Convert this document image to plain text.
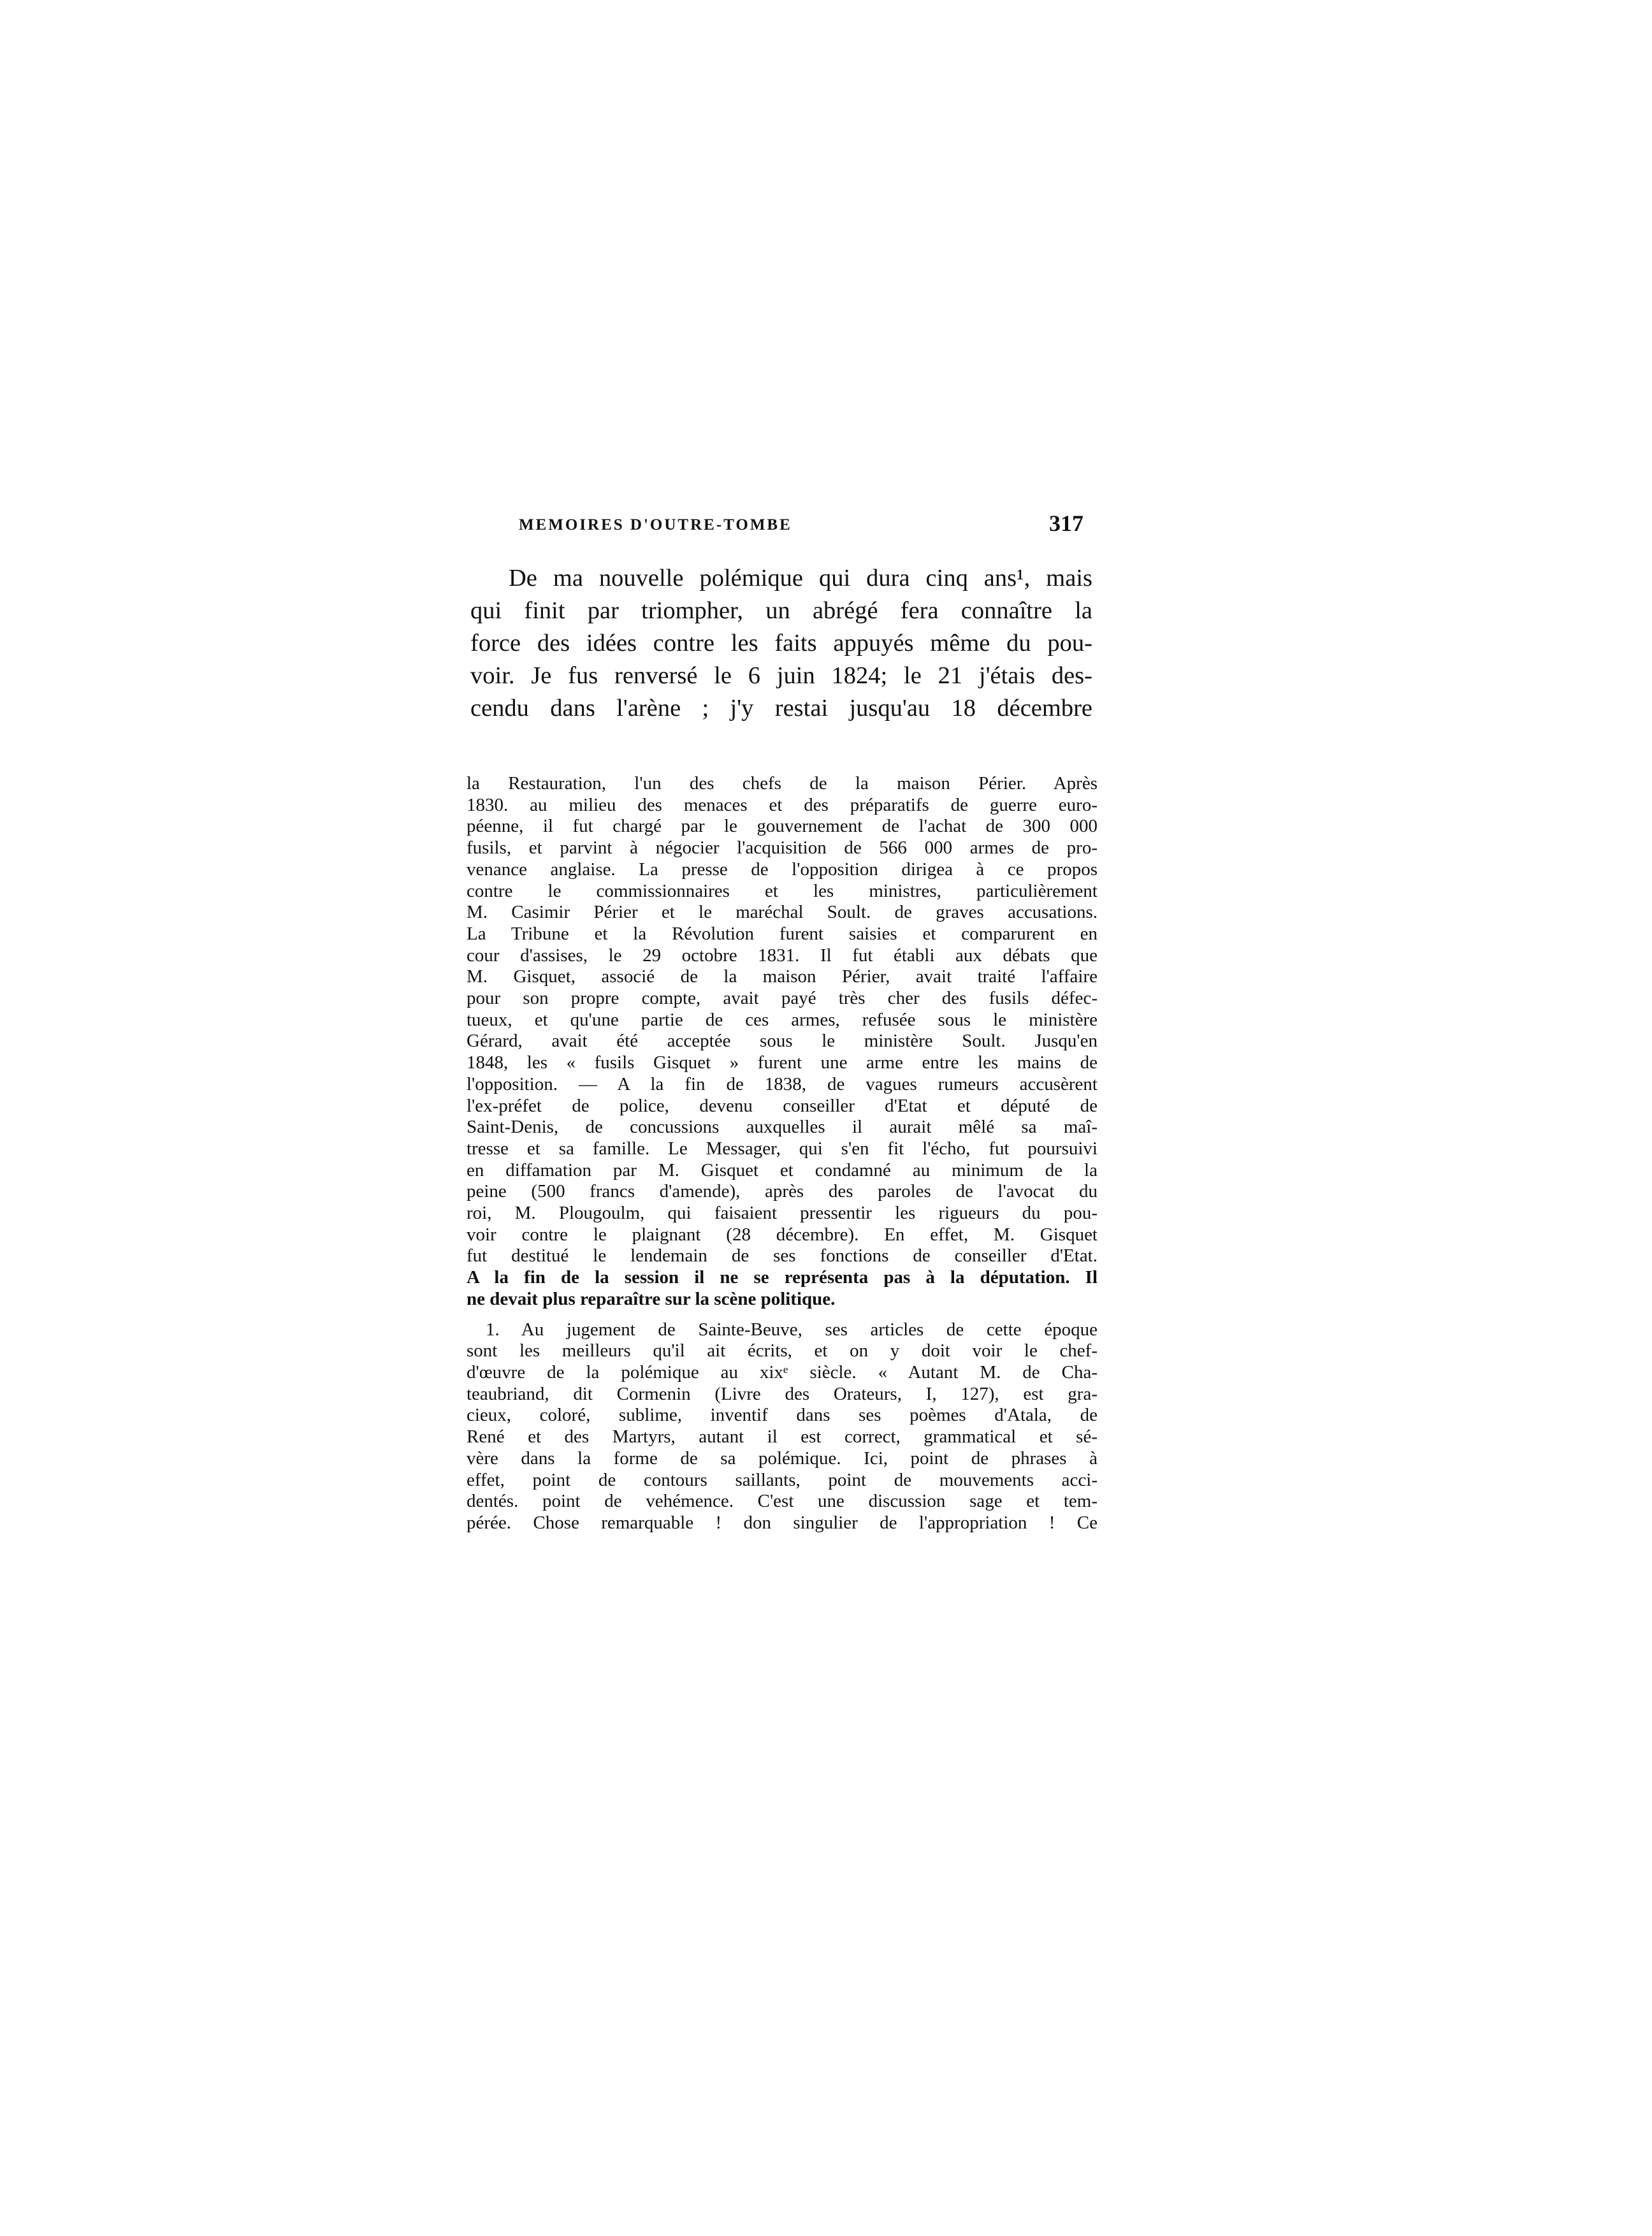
MEMOIRES D'OUTRE-TOMBE	317
De ma nouvelle polémique qui dura cinq ans¹, mais
qui finit par triompher, un abrégé fera connaître la
force des idées contre les faits appuyés même du pou-
voir. Je fus renversé le 6 juin 1824; le 21 j'étais des-
cendu dans l'arène ; j'y restai jusqu'au 18 décembre
la Restauration, l'un des chefs de la maison Périer. Après
1830. au milieu des menaces et des préparatifs de guerre euro-
péenne, il fut chargé par le gouvernement de l'achat de 300 000
fusils, et parvint à négocier l'acquisition de 566 000 armes de pro-
venance anglaise. La presse de l'opposition dirigea à ce propos
contre le commissionnaires et les ministres, particulièrement
M. Casimir Périer et le maréchal Soult. de graves accusations.
La Tribune et la Révolution furent saisies et comparurent en
cour d'assises, le 29 octobre 1831. Il fut établi aux débats que
M. Gisquet, associé de la maison Périer, avait traité l'affaire
pour son propre compte, avait payé très cher des fusils défec-
tueux, et qu'une partie de ces armes, refusée sous le ministère
Gérard, avait été acceptée sous le ministère Soult. Jusqu'en
1848, les « fusils Gisquet » furent une arme entre les mains de
l'opposition. — A la fin de 1838, de vagues rumeurs accusèrent
l'ex-préfet de police, devenu conseiller d'Etat et député de
Saint-Denis, de concussions auxquelles il aurait mêlé sa maî-
tresse et sa famille. Le Messager, qui s'en fit l'écho, fut poursuivi
en diffamation par M. Gisquet et condamné au minimum de la
peine (500 francs d'amende), après des paroles de l'avocat du
roi, M. Plougoulm, qui faisaient pressentir les rigueurs du pou-
voir contre le plaignant (28 décembre). En effet, M. Gisquet
fut destitué le lendemain de ses fonctions de conseiller d'Etat.
A la fin de la session il ne se représenta pas à la députation. Il
ne devait plus reparaître sur la scène politique.
1. Au jugement de Sainte-Beuve, ses articles de cette époque
sont les meilleurs qu'il ait écrits, et on y doit voir le chef-
d'œuvre de la polémique au xixᵉ siècle. « Autant M. de Cha-
teaubriand, dit Cormenin (Livre des Orateurs, I, 127), est gra-
cieux, coloré, sublime, inventif dans ses poèmes d'Atala, de
René et des Martyrs, autant il est correct, grammatical et sé-
vère dans la forme de sa polémique. Ici, point de phrases à
effet, point de contours saillants, point de mouvements acci-
dentés. point de vehémence. C'est une discussion sage et tem-
pérée. Chose remarquable ! don singulier de l'appropriation ! Ce
